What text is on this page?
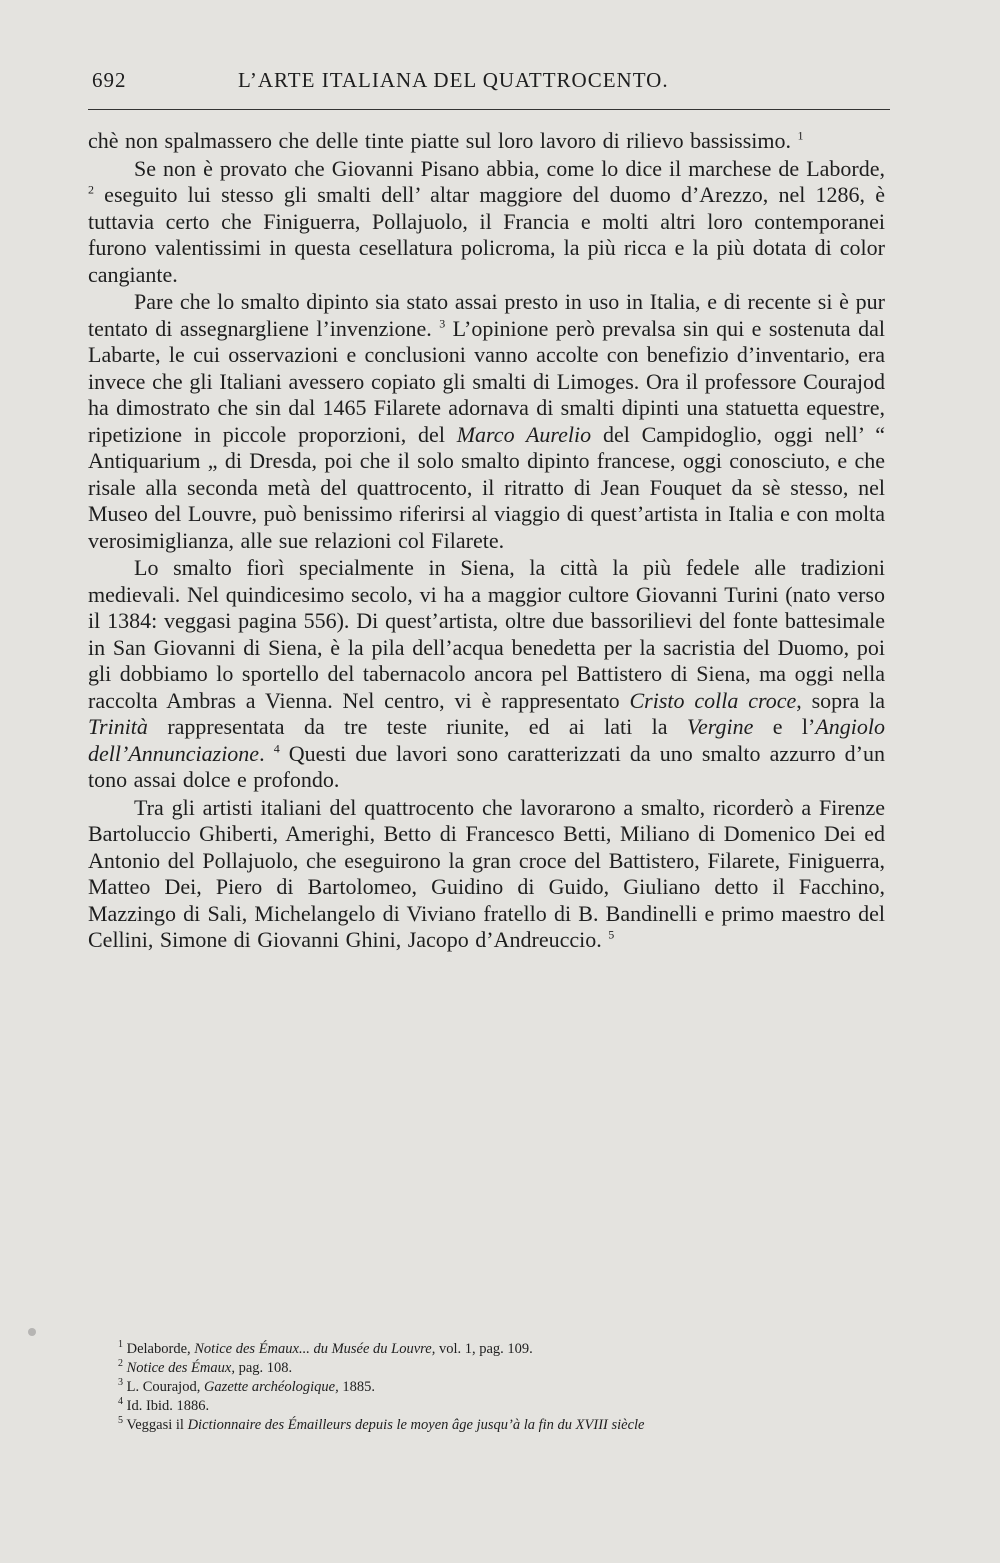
692	L’ARTE ITALIANA DEL QUATTROCENTO.

chè non spalmassero che delle tinte piatte sul loro lavoro di rilievo bassissimo. $^1$

Se non è provato che Giovanni Pisano abbia, come lo dice il marchese de Laborde, $^2$ eseguito lui stesso gli smalti dell’ altar maggiore del duomo d’Arezzo, nel 1286, è tuttavia certo che Finiguerra, Pollajuolo, il Francia e molti altri loro contemporanei furono valentissimi in questa cesellatura policroma, la più ricca e la più dotata di color cangiante.

Pare che lo smalto dipinto sia stato assai presto in uso in Italia, e di recente si è pur tentato di assegnargliene l’invenzione. $^3$ L’opinione però prevalsa sin qui e sostenuta dal Labarte, le cui osservazioni e conclusioni vanno accolte con benefizio d’inventario, era invece che gli Italiani avessero copiato gli smalti di Limoges. Ora il professore Courajod ha dimostrato che sin dal 1465 Filarete adornava di smalti dipinti una statuetta equestre, ripetizione in piccole proporzioni, del Marco Aurelio del Campidoglio, oggi nell’ “ Antiquarium „ di Dresda, poi che il solo smalto dipinto francese, oggi conosciuto, e che risale alla seconda metà del quattrocento, il ritratto di Jean Fouquet da sè stesso, nel Museo del Louvre, può benissimo riferirsi al viaggio di quest’artista in Italia e con molta verosimiglianza, alle sue relazioni col Filarete.

Lo smalto fiorì specialmente in Siena, la città la più fedele alle tradizioni medievali. Nel quindicesimo secolo, vi ha a maggior cultore Giovanni Turini (nato verso il 1384: veggasi pagina 556). Di quest’artista, oltre due bassorilievi del fonte battesimale in San Giovanni di Siena, è la pila dell’acqua benedetta per la sacristia del Duomo, poi gli dobbiamo lo sportello del tabernacolo ancora pel Battistero di Siena, ma oggi nella raccolta Ambras a Vienna. Nel centro, vi è rappresentato Cristo colla croce, sopra la Trinità rappresentata da tre teste riunite, ed ai lati la Vergine e l’Angiolo dell’Annunciazione. $^4$ Questi due lavori sono caratterizzati da uno smalto azzurro d’un tono assai dolce e profondo.

Tra gli artisti italiani del quattrocento che lavorarono a smalto, ricorderò a Firenze Bartoluccio Ghiberti, Amerighi, Betto di Francesco Betti, Miliano di Domenico Dei ed Antonio del Pollajuolo, che eseguirono la gran croce del Battistero, Filarete, Finiguerra, Matteo Dei, Piero di Bartolomeo, Guidino di Guido, Giuliano detto il Facchino, Mazzingo di Sali, Michelangelo di Viviano fratello di B. Bandinelli e primo maestro del Cellini, Simone di Giovanni Ghini, Jacopo d’Andreuccio. $^5$

$^1$ Delaborde, Notice des Émaux... du Musée du Louvre, vol. 1, pag. 109.

$^2$ Notice des Émaux, pag. 108.

$^3$ L. Courajod, Gazette archéologique, 1885.

$^4$ Id. Ibid. 1886.

$^5$ Veggasi il Dictionnaire des Émailleurs depuis le moyen âge jusqu’à la fin du XVIII siècle
